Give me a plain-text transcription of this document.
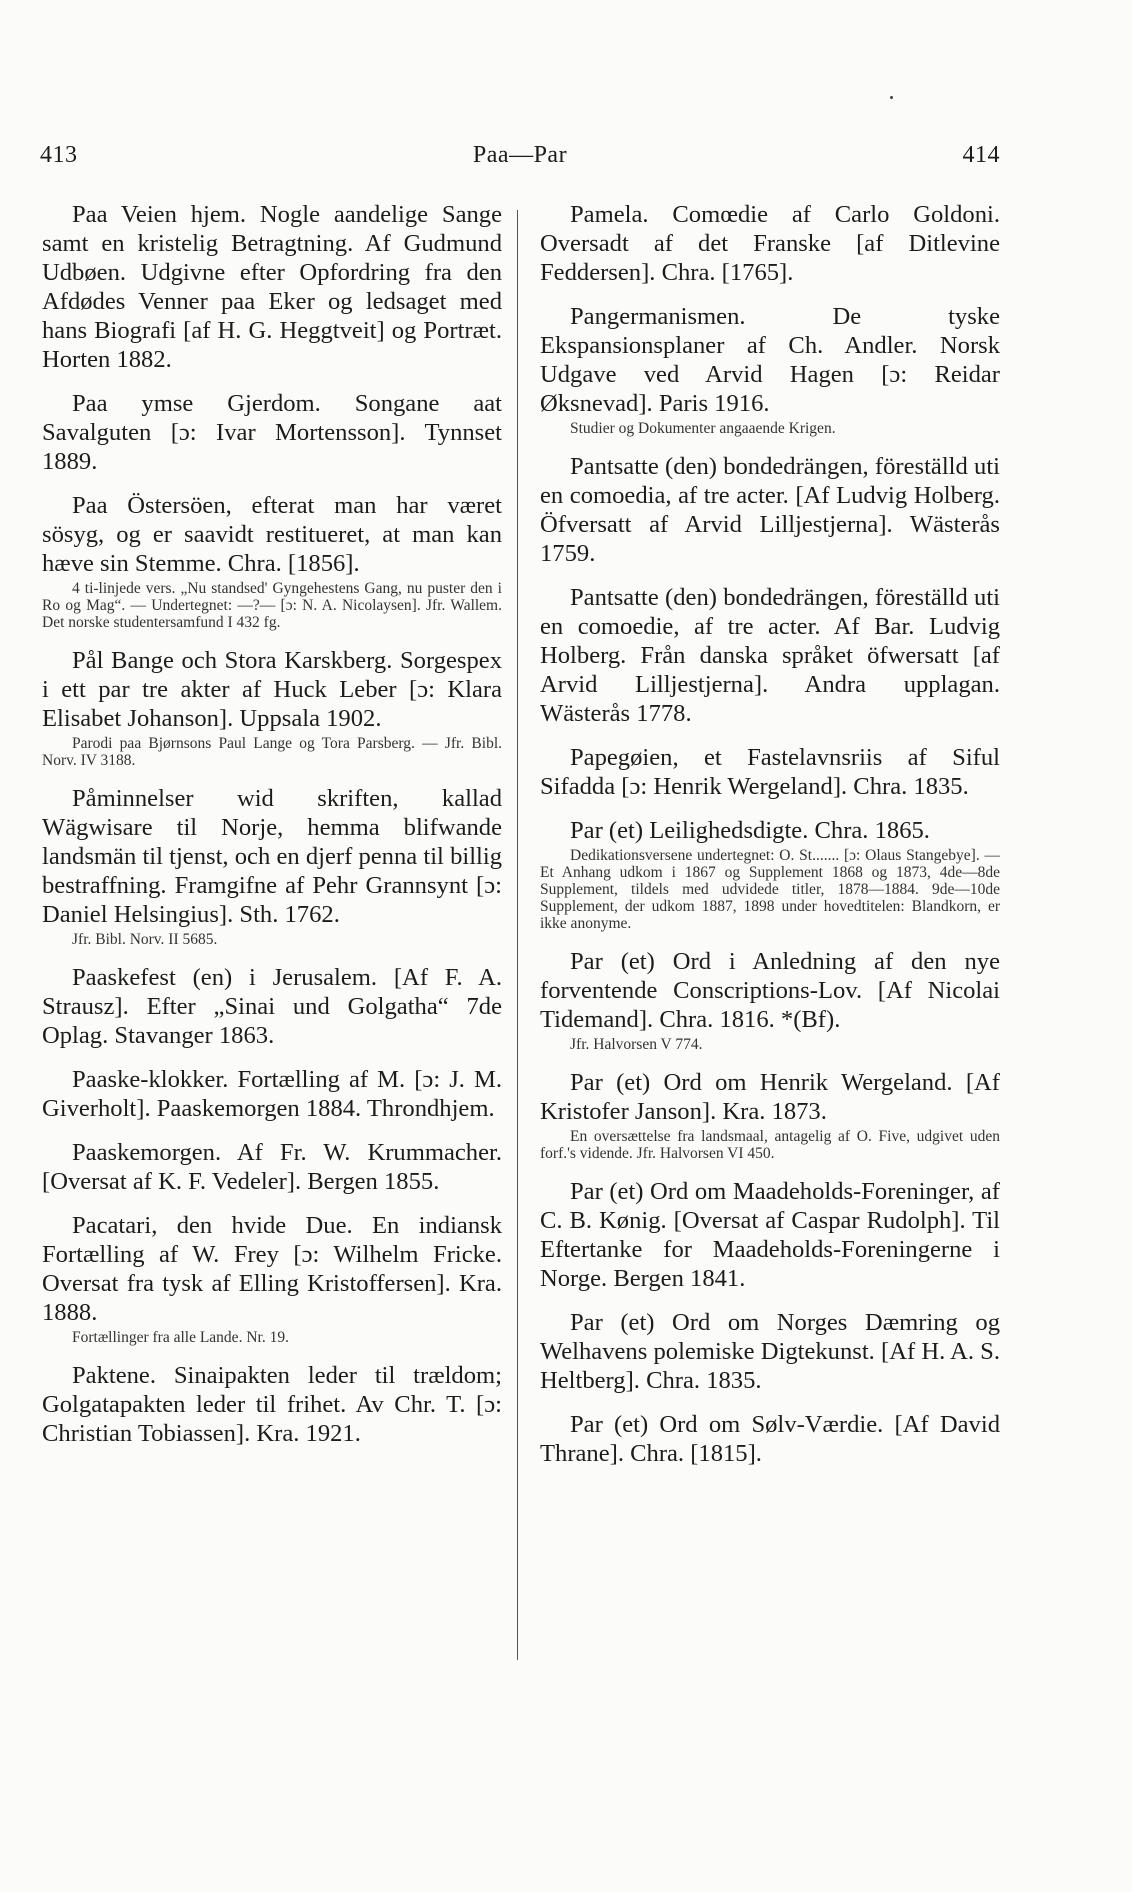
413	Paa—Par	414

Paa Veien hjem. Nogle aandelige Sange samt en kristelig Betragtning. Af Gudmund Udbøen. Udgivne efter Opfordring fra den Afdødes Venner paa Eker og ledsaget med hans Biografi [af H. G. Heggtveit] og Portræt. Horten 1882.

Paa ymse Gjerdom. Songane aat Savalguten [ɔ: Ivar Mortensson]. Tynnset 1889.

Paa Östersöen, efterat man har været sösyg, og er saavidt restitueret, at man kan hæve sin Stemme. Chra. [1856].

4 ti-linjede vers. „Nu standsed' Gyngehestens Gang, nu puster den i Ro og Mag“. — Undertegnet: —?— [ɔ: N. A. Nicolaysen]. Jfr. Wallem. Det norske studentersamfund I 432 fg.

Pål Bange och Stora Karskberg. Sorgespex i ett par tre akter af Huck Leber [ɔ: Klara Elisabet Johanson]. Uppsala 1902.

Parodi paa Bjørnsons Paul Lange og Tora Parsberg. — Jfr. Bibl. Norv. IV 3188.

Påminnelser wid skriften, kallad Wägwisare til Norje, hemma blifwande landsmän til tjenst, och en djerf penna til billig bestraffning. Framgifne af Pehr Grannsynt [ɔ: Daniel Helsingius]. Sth. 1762.

Jfr. Bibl. Norv. II 5685.

Paaskefest (en) i Jerusalem. [Af F. A. Strausz]. Efter „Sinai und Golgatha“ 7de Oplag. Stavanger 1863.

Paaske-klokker. Fortælling af M. [ɔ: J. M. Giverholt]. Paaskemorgen 1884. Throndhjem.

Paaskemorgen. Af Fr. W. Krummacher. [Oversat af K. F. Vedeler]. Bergen 1855.

Pacatari, den hvide Due. En indiansk Fortælling af W. Frey [ɔ: Wilhelm Fricke. Oversat fra tysk af Elling Kristoffersen]. Kra. 1888.

Fortællinger fra alle Lande. Nr. 19.

Paktene. Sinaipakten leder til trældom; Golgatapakten leder til frihet. Av Chr. T. [ɔ: Christian Tobiassen]. Kra. 1921.

Pamela. Comœdie af Carlo Goldoni. Oversadt af det Franske [af Ditlevine Feddersen]. Chra. [1765].

Pangermanismen. De tyske Ekspansionsplaner af Ch. Andler. Norsk Udgave ved Arvid Hagen [ɔ: Reidar Øksnevad]. Paris 1916.

Studier og Dokumenter angaaende Krigen.

Pantsatte (den) bondedrängen, föreställd uti en comoedia, af tre acter. [Af Ludvig Holberg. Öfversatt af Arvid Lilljestjerna]. Wästerås 1759.

Pantsatte (den) bondedrängen, föreställd uti en comoedie, af tre acter. Af Bar. Ludvig Holberg. Från danska språket öfwersatt [af Arvid Lilljestjerna]. Andra upplagan. Wästerås 1778.

Papegøien, et Fastelavnsriis af Siful Sifadda [ɔ: Henrik Wergeland]. Chra. 1835.

Par (et) Leilighedsdigte. Chra. 1865.

Dedikationsversene undertegnet: O. St....... [ɔ: Olaus Stangebye]. — Et Anhang udkom i 1867 og Supplement 1868 og 1873, 4de—8de Supplement, tildels med udvidede titler, 1878—1884. 9de—10de Supplement, der udkom 1887, 1898 under hovedtitelen: Blandkorn, er ikke anonyme.

Par (et) Ord i Anledning af den nye forventende Conscriptions-Lov. [Af Nicolai Tidemand]. Chra. 1816. *(Bf).

Jfr. Halvorsen V 774.

Par (et) Ord om Henrik Wergeland. [Af Kristofer Janson]. Kra. 1873.

En oversættelse fra landsmaal, antagelig af O. Five, udgivet uden forf.'s vidende. Jfr. Halvorsen VI 450.

Par (et) Ord om Maadeholds-Foreninger, af C. B. Kønig. [Oversat af Caspar Rudolph]. Til Eftertanke for Maadeholds-Foreningerne i Norge. Bergen 1841.

Par (et) Ord om Norges Dæmring og Welhavens polemiske Digtekunst. [Af H. A. S. Heltberg]. Chra. 1835.

Par (et) Ord om Sølv-Værdie. [Af David Thrane]. Chra. [1815].
